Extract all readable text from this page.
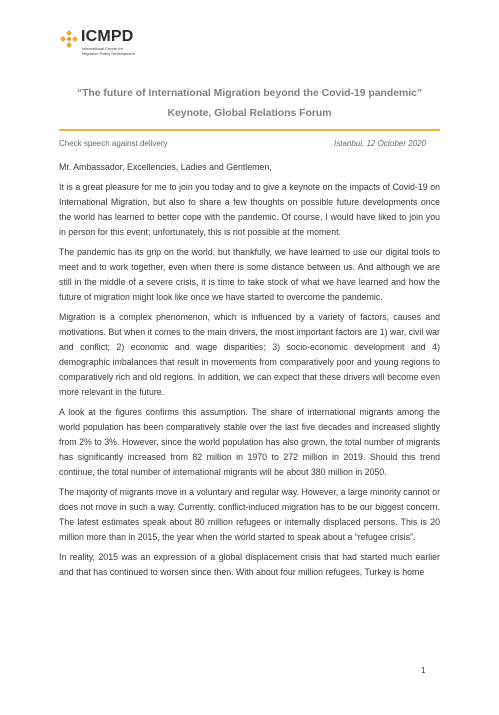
ICMPD
International Centre for
Migration Policy Development
“The future of International Migration beyond the Covid-19 pandemic”
Keynote, Global Relations Forum
Check speech against delivery	Istanbul, 12 October 2020

Mr. Ambassador, Excellencies, Ladies and Gentlemen,

It is a great pleasure for me to join you today and to give a keynote on the impacts of Covid-19 on International Migration, but also to share a few thoughts on possible future developments once the world has learned to better cope with the pandemic. Of course, I would have liked to join you in person for this event; unfortunately, this is not possible at the moment.

The pandemic has its grip on the world, but thankfully, we have learned to use our digital tools to meet and to work together, even when there is some distance between us. And although we are still in the middle of a severe crisis, it is time to take stock of what we have learned and how the future of migration might look like once we have started to overcome the pandemic.

Migration is a complex phenomenon, which is influenced by a variety of factors, causes and motivations. But when it comes to the main drivers, the most important factors are 1) war, civil war and conflict; 2) economic and wage disparities; 3) socio-economic development and 4) demographic imbalances that result in movements from comparatively poor and young regions to comparatively rich and old regions. In addition, we can expect that these drivers will become even more relevant in the future.

A look at the figures confirms this assumption. The share of international migrants among the world population has been comparatively stable over the last five decades and increased slightly from 2% to 3%. However, since the world population has also grown, the total number of migrants has significantly increased from 82 million in 1970 to 272 million in 2019. Should this trend continue, the total number of international migrants will be about 380 million in 2050.

The majority of migrants move in a voluntary and regular way. However, a large minority cannot or does not move in such a way. Currently, conflict-induced migration has to be our biggest concern. The latest estimates speak about 80 million refugees or internally displaced persons. This is 20 million more than in 2015, the year when the world started to speak about a “refugee crisis”.

In reality, 2015 was an expression of a global displacement crisis that had started much earlier and that has continued to worsen since then. With about four million refugees, Turkey is home

1
